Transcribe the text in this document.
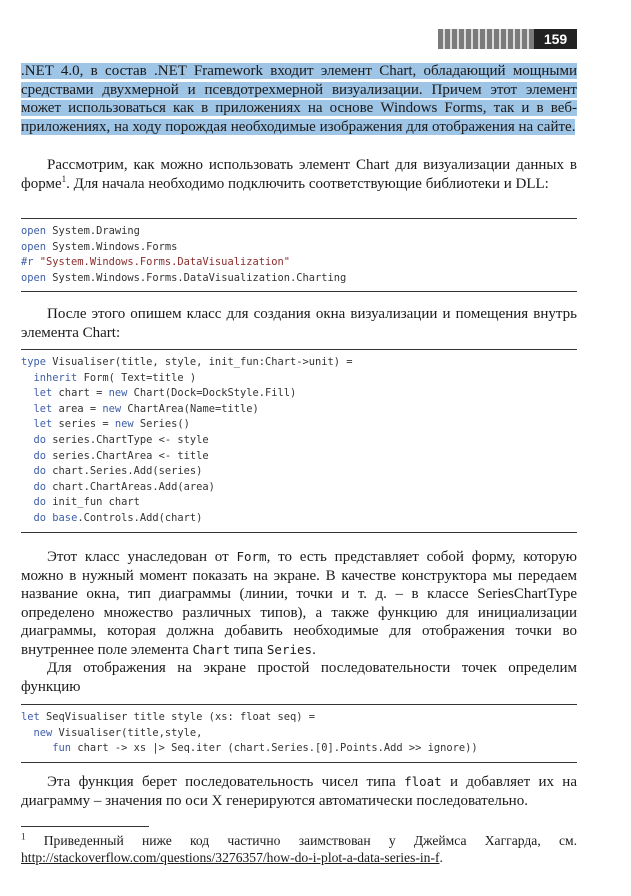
159

.NET 4.0, в состав .NET Framework входит элемент Chart, обладающий мощными средствами двухмерной и псевдотрехмерной визуализации. Причем этот элемент может использоваться как в приложениях на основе Windows Forms, так и в веб-приложениях, на ходу порождая необходимые изображения для отображения на сайте.

Рассмотрим, как можно использовать элемент Chart для визуализации данных в форме$^1$. Для начала необходимо подключить соответствующие библиотеки и DLL:

open System.Drawing
open System.Windows.Forms
#r "System.Windows.Forms.DataVisualization"
open System.Windows.Forms.DataVisualization.Charting

После этого опишем класс для создания окна визуализации и помещения внутрь элемента Chart:

type Visualiser(title, style, init_fun:Chart->unit) =
inherit Form( Text=title )
let chart = new Chart(Dock=DockStyle.Fill)
let area = new ChartArea(Name=title)
let series = new Series()
do series.ChartType <- style
do series.ChartArea <- title
do chart.Series.Add(series)
do chart.ChartAreas.Add(area)
do init_fun chart
do base.Controls.Add(chart)

Этот класс унаследован от Form, то есть представляет собой форму, которую можно в нужный момент показать на экране. В качестве конструктора мы передаем название окна, тип диаграммы (линии, точки и т. д. – в классе SeriesChartType определено множество различных типов), а также функцию для инициализации диаграммы, которая должна добавить необходимые для отображения точки во внутреннее поле элемента Chart типа Series.

Для отображения на экране простой последовательности точек определим функцию

let SeqVisualiser title style (xs: float seq) =
new Visualiser(title,style,
fun chart -> xs |> Seq.iter (chart.Series.[0].Points.Add >> ignore))

Эта функция берет последовательность чисел типа float и добавляет их на диаграмму – значения по оси X генерируются автоматически последовательно.

$^1$ Приведенный ниже код частично заимствован у Джеймса Хаггарда, см. http://stackoverflow.com/questions/3276357/how-do-i-plot-a-data-series-in-f.
